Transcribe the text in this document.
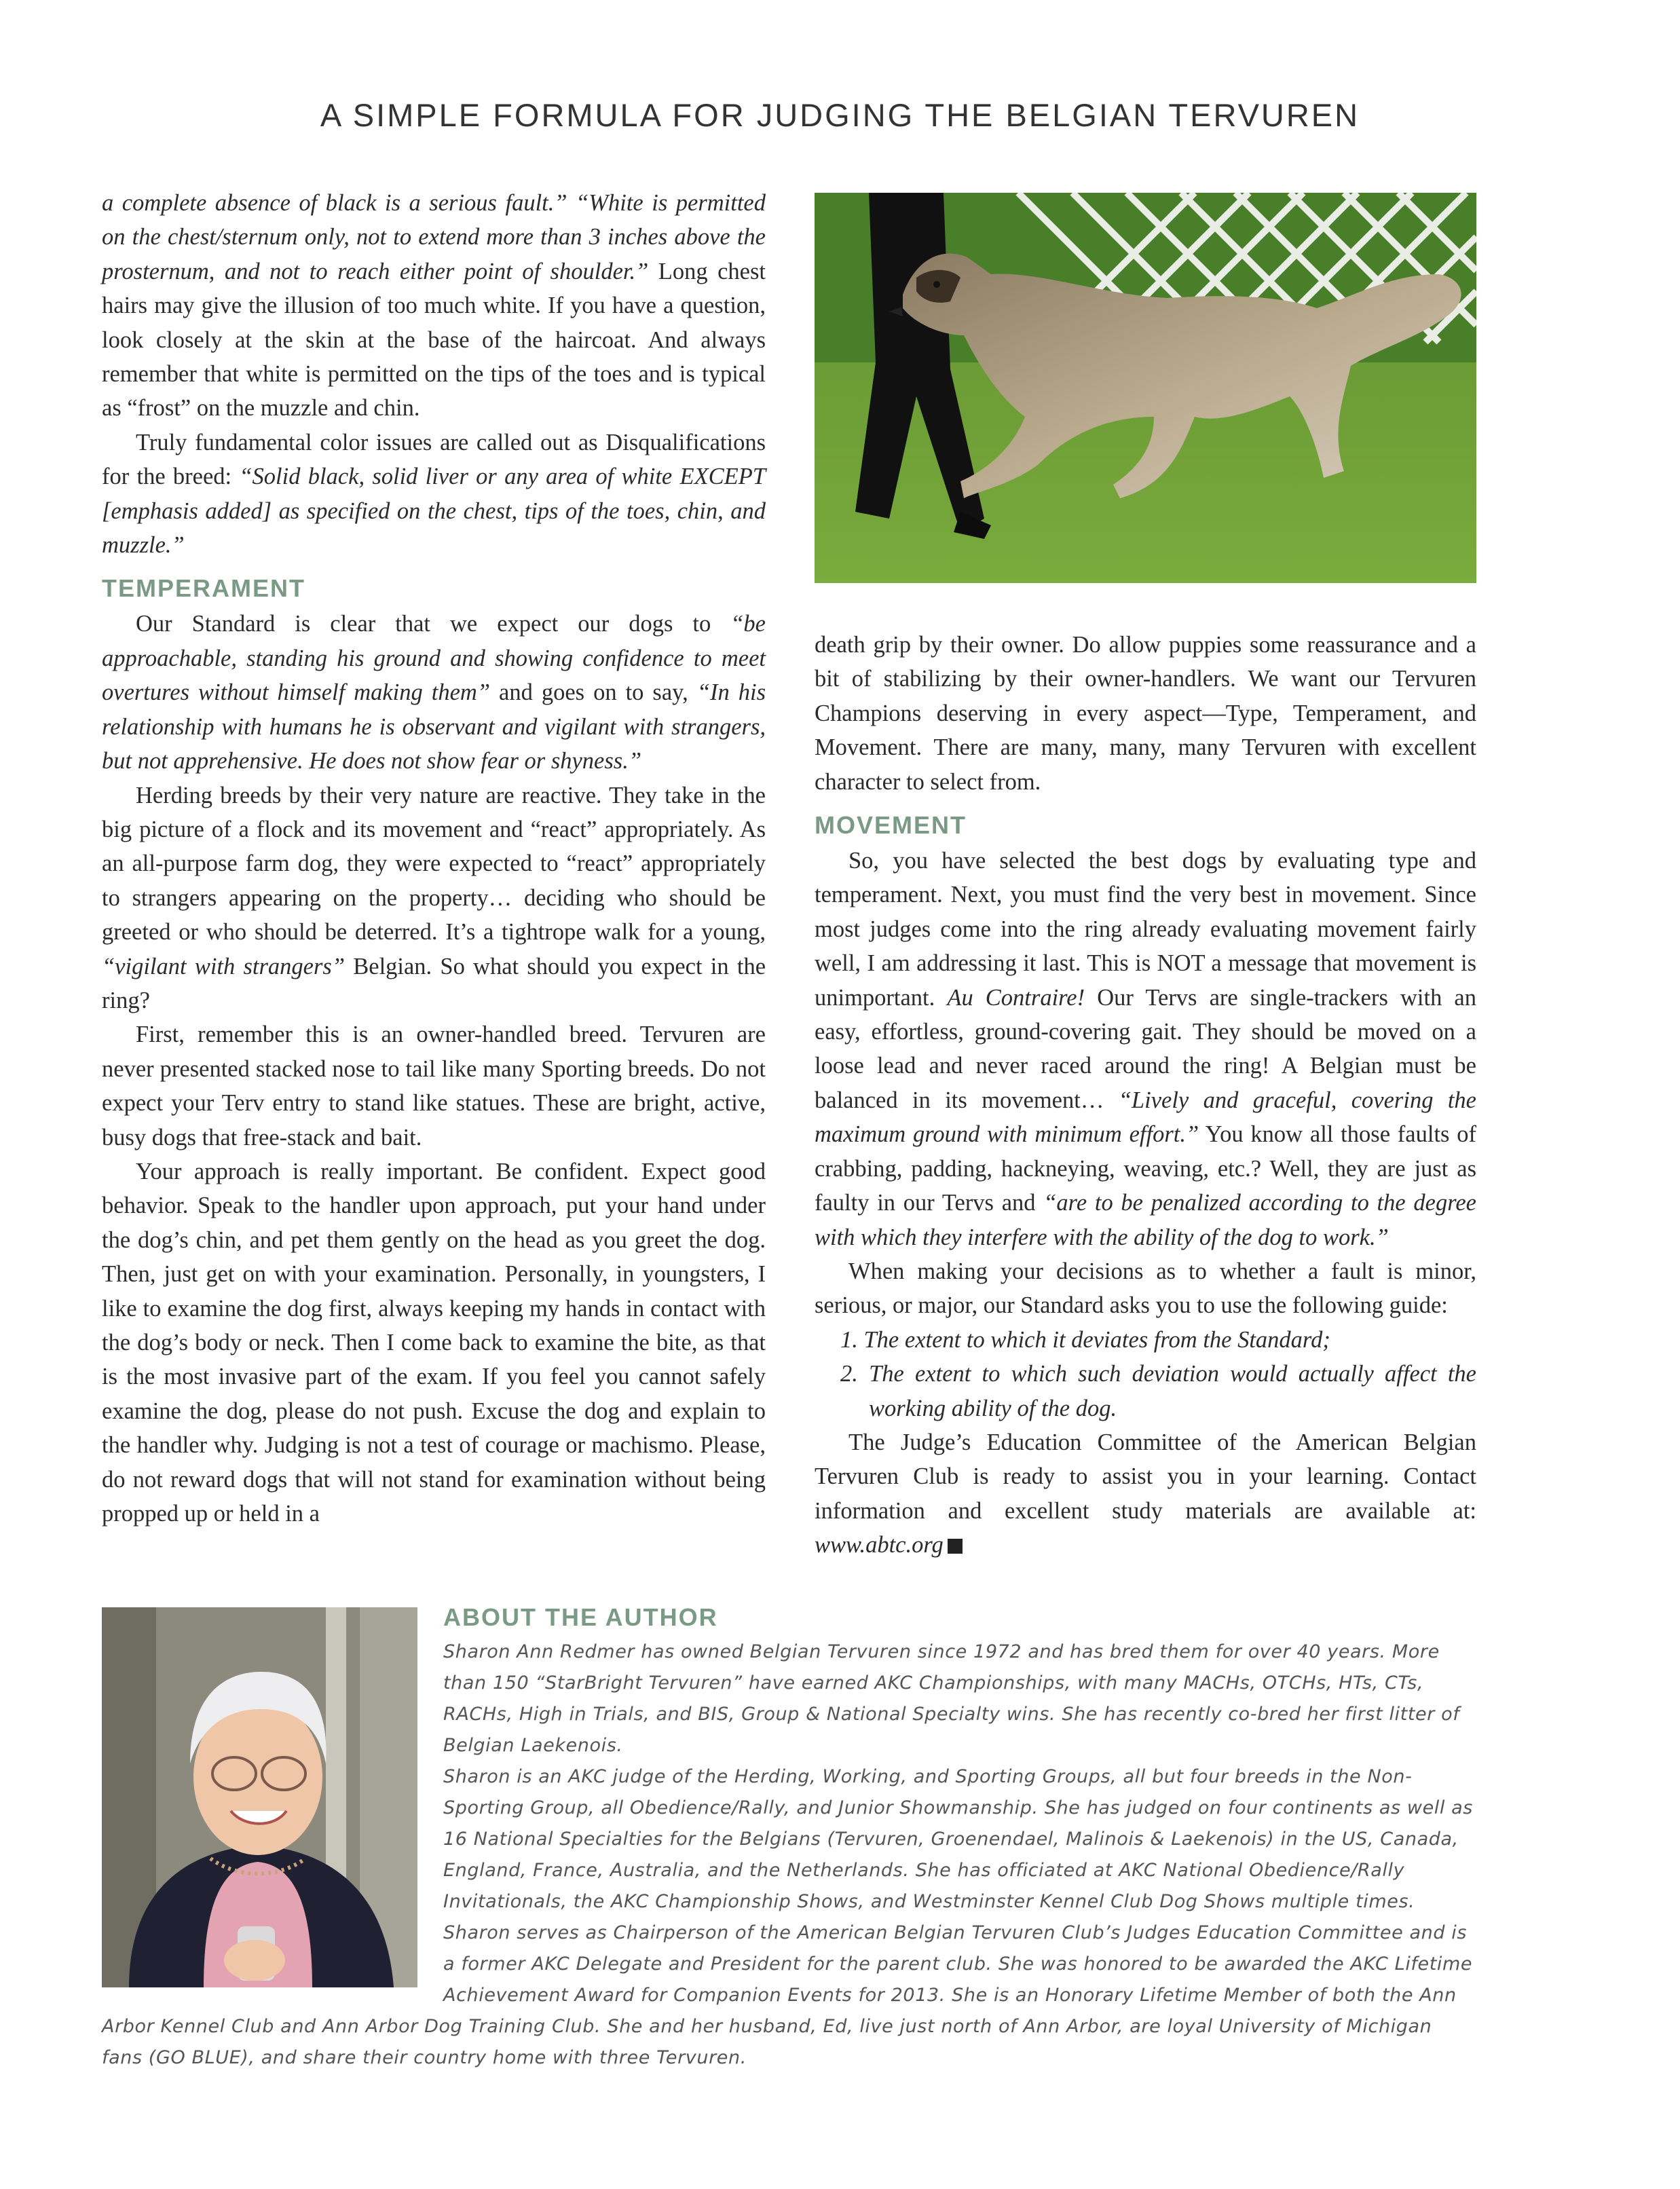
A SIMPLE FORMULA FOR JUDGING THE BELGIAN TERVUREN

a complete absence of black is a serious fault.” “White is permitted on the chest/sternum only, not to extend more than 3 inches above the prosternum, and not to reach either point of shoulder.” Long chest hairs may give the illusion of too much white. If you have a question, look closely at the skin at the base of the haircoat. And always remember that white is permitted on the tips of the toes and is typical as “frost” on the muzzle and chin.

Truly fundamental color issues are called out as Disqualifications for the breed: “Solid black, solid liver or any area of white EXCEPT [emphasis added] as specified on the chest, tips of the toes, chin, and muzzle.”

TEMPERAMENT

Our Standard is clear that we expect our dogs to “be approachable, standing his ground and showing confidence to meet overtures without himself making them” and goes on to say, “In his relationship with humans he is observant and vigilant with strangers, but not apprehensive. He does not show fear or shyness.”

Herding breeds by their very nature are reactive. They take in the big picture of a flock and its movement and “react” appropriately. As an all-purpose farm dog, they were expected to “react” appropriately to strangers appearing on the property… deciding who should be greeted or who should be deterred. It’s a tightrope walk for a young, “vigilant with strangers” Belgian. So what should you expect in the ring?

First, remember this is an owner-handled breed. Tervuren are never presented stacked nose to tail like many Sporting breeds. Do not expect your Terv entry to stand like statues. These are bright, active, busy dogs that free-stack and bait.

Your approach is really important. Be confident. Expect good behavior. Speak to the handler upon approach, put your hand under the dog’s chin, and pet them gently on the head as you greet the dog. Then, just get on with your examination. Personally, in youngsters, I like to examine the dog first, always keeping my hands in contact with the dog’s body or neck. Then I come back to examine the bite, as that is the most invasive part of the exam. If you feel you cannot safely examine the dog, please do not push. Excuse the dog and explain to the handler why. Judging is not a test of courage or machismo. Please, do not reward dogs that will not stand for examination without being propped up or held in a

death grip by their owner. Do allow puppies some reassurance and a bit of stabilizing by their owner-handlers. We want our Tervuren Champions deserving in every aspect—Type, Temperament, and Movement. There are many, many, many Tervuren with excellent character to select from.

MOVEMENT

So, you have selected the best dogs by evaluating type and temperament. Next, you must find the very best in movement. Since most judges come into the ring already evaluating movement fairly well, I am addressing it last. This is NOT a message that movement is unimportant. Au Contraire! Our Tervs are single-trackers with an easy, effortless, ground-covering gait. They should be moved on a loose lead and never raced around the ring! A Belgian must be balanced in its movement… “Lively and graceful, covering the maximum ground with minimum effort.” You know all those faults of crabbing, padding, hackneying, weaving, etc.? Well, they are just as faulty in our Tervs and “are to be penalized according to the degree with which they interfere with the ability of the dog to work.”

When making your decisions as to whether a fault is minor, serious, or major, our Standard asks you to use the following guide:

1. The extent to which it deviates from the Standard;
2. The extent to which such deviation would actually affect the working ability of the dog.

The Judge’s Education Committee of the American Belgian Tervuren Club is ready to assist you in your learning. Contact information and excellent study materials are available at: www.abtc.org

ABOUT THE AUTHOR

Sharon Ann Redmer has owned Belgian Tervuren since 1972 and has bred them for over 40 years. More than 150 “StarBright Tervuren” have earned AKC Championships, with many MACHs, OTCHs, HTs, CTs, RACHs, High in Trials, and BIS, Group & National Specialty wins. She has recently co-bred her first litter of Belgian Laekenois.

Sharon is an AKC judge of the Herding, Working, and Sporting Groups, all but four breeds in the Non-Sporting Group, all Obedience/Rally, and Junior Showmanship. She has judged on four continents as well as 16 National Specialties for the Belgians (Tervuren, Groenendael, Malinois & Laekenois) in the US, Canada, England, France, Australia, and the Netherlands. She has officiated at AKC National Obedience/Rally Invitationals, the AKC Championship Shows, and Westminster Kennel Club Dog Shows multiple times.

Sharon serves as Chairperson of the American Belgian Tervuren Club’s Judges Education Committee and is a former AKC Delegate and President for the parent club. She was honored to be awarded the AKC Lifetime Achievement Award for Companion Events for 2013. She is an Honorary Lifetime Member of both the Ann Arbor Kennel Club and Ann Arbor Dog Training Club. She and her husband, Ed, live just north of Ann Arbor, are loyal University of Michigan fans (GO BLUE), and share their country home with three Tervuren.
